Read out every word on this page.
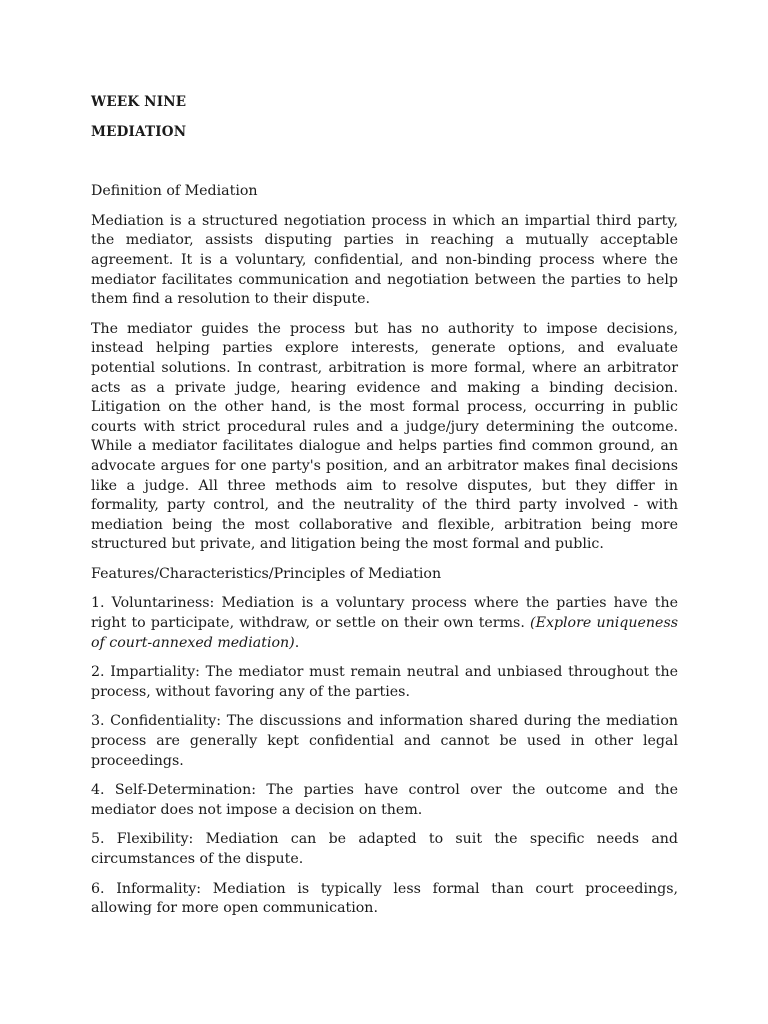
WEEK NINE
MEDIATION
Definition of Mediation

Mediation is a structured negotiation process in which an impartial third party, the mediator, assists disputing parties in reaching a mutually acceptable agreement. It is a voluntary, confidential, and non-binding process where the mediator facilitates communication and negotiation between the parties to help them find a resolution to their dispute.

The mediator guides the process but has no authority to impose decisions, instead helping parties explore interests, generate options, and evaluate potential solutions. In contrast, arbitration is more formal, where an arbitrator acts as a private judge, hearing evidence and making a binding decision. Litigation on the other hand, is the most formal process, occurring in public courts with strict procedural rules and a judge/jury determining the outcome. While a mediator facilitates dialogue and helps parties find common ground, an advocate argues for one party's position, and an arbitrator makes final decisions like a judge. All three methods aim to resolve disputes, but they differ in formality, party control, and the neutrality of the third party involved - with mediation being the most collaborative and flexible, arbitration being more structured but private, and litigation being the most formal and public.

Features/Characteristics/Principles of Mediation

1. Voluntariness: Mediation is a voluntary process where the parties have the right to participate, withdraw, or settle on their own terms. (Explore uniqueness of court-annexed mediation).

2. Impartiality: The mediator must remain neutral and unbiased throughout the process, without favoring any of the parties.

3. Confidentiality: The discussions and information shared during the mediation process are generally kept confidential and cannot be used in other legal proceedings.

4. Self-Determination: The parties have control over the outcome and the mediator does not impose a decision on them.

5. Flexibility: Mediation can be adapted to suit the specific needs and circumstances of the dispute.

6. Informality: Mediation is typically less formal than court proceedings, allowing for more open communication.
